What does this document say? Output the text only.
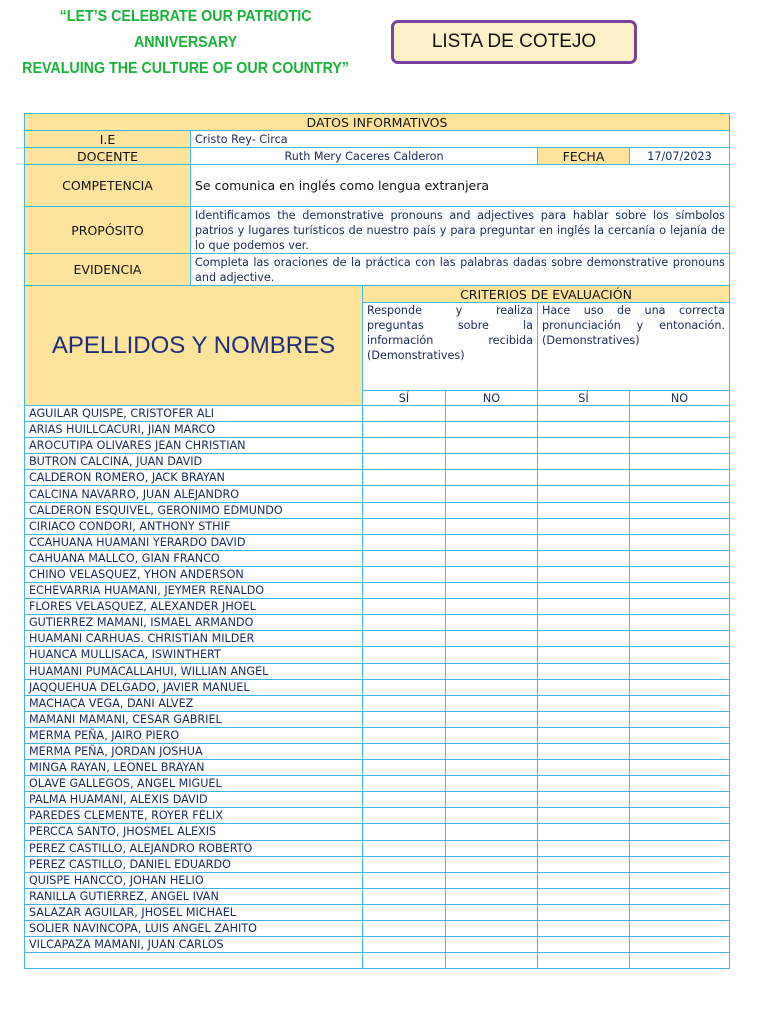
“LET’S CELEBRATE OUR PATRIOTIC ANNIVERSARY
REVALUING THE CULTURE OF OUR COUNTRY”
LISTA DE COTEJO
DATOS INFORMATIVOS					
I.E	Cristo Rey- Circa				
DOCENTE	Ruth Mery Caceres Calderon			FECHA	17/07/2023
COMPETENCIA	Se comunica en inglés como lengua extranjera				
PROPÓSITO	Identificamos the demonstrative pronouns and adjectives para hablar sobre los símbolos patrios y lugares turísticos de nuestro país y para preguntar en inglés la cercanía o lejanía de lo que podemos ver.				
EVIDENCIA	Completa las oraciones de la práctica con las palabras dadas sobre demonstrative pronouns and adjective.				
APELLIDOS Y NOMBRES		CRITERIOS DE EVALUACIÓN			
		Responde y realiza preguntas sobre la información recibida (Demonstratives)		Hace uso de una correcta pronunciación y entonación. (Demonstratives)	
		SÍ	NO	SÍ	NO
AGUILAR QUISPE, CRISTOFER ALI					
ARIAS HUILLCACURI, JIAN MARCO					
AROCUTIPA OLIVARES JEAN CHRISTIAN					
BUTRON CALCINA, JUAN DAVID					
CALDERON ROMERO, JACK BRAYAN					
CALCINA NAVARRO, JUAN ALEJANDRO					
CALDERON ESQUIVEL, GERONIMO EDMUNDO					
CIRIACO CONDORI, ANTHONY STHIF					
CCAHUANA HUAMANI YERARDO DAVID					
CAHUANA MALLCO, GIAN FRANCO					
CHINO VELASQUEZ, YHON ANDERSON					
ECHEVARRIA HUAMANI, JEYMER RENALDO					
FLORES VELASQUEZ, ALEXANDER JHOEL					
GUTIERREZ MAMANI, ISMAEL ARMANDO					
HUAMANI CARHUAS. CHRISTIAN MILDER					
HUANCA MULLISACA, ISWINTHERT					
HUAMANI PUMACALLAHUI, WILLIAN ANGEL					
JAQQUEHUA DELGADO, JAVIER MANUEL					
MACHACA VEGA, DANI ALVEZ					
MAMANI MAMANI, CESAR GABRIEL					
MERMA PEÑA, JAIRO PIERO					
MERMA PEÑA, JORDAN JOSHUA					
MINGA RAYAN, LEONEL BRAYAN					
OLAVE GALLEGOS, ANGEL MIGUEL					
PALMA HUAMANI, ALEXIS DAVID					
PAREDES CLEMENTE, ROYER FELIX					
PERCCA SANTO, JHOSMEL ALEXIS					
PEREZ CASTILLO, ALEJANDRO ROBERTO					
PEREZ CASTILLO, DANIEL EDUARDO					
QUISPE HANCCO, JOHAN HELIO					
RANILLA GUTIERREZ, ANGEL IVAN					
SALAZAR AGUILAR, JHOSEL MICHAEL					
SOLIER NAVINCOPA, LUIS ANGEL ZAHITO					
VILCAPAZA MAMANI, JUAN CARLOS					
